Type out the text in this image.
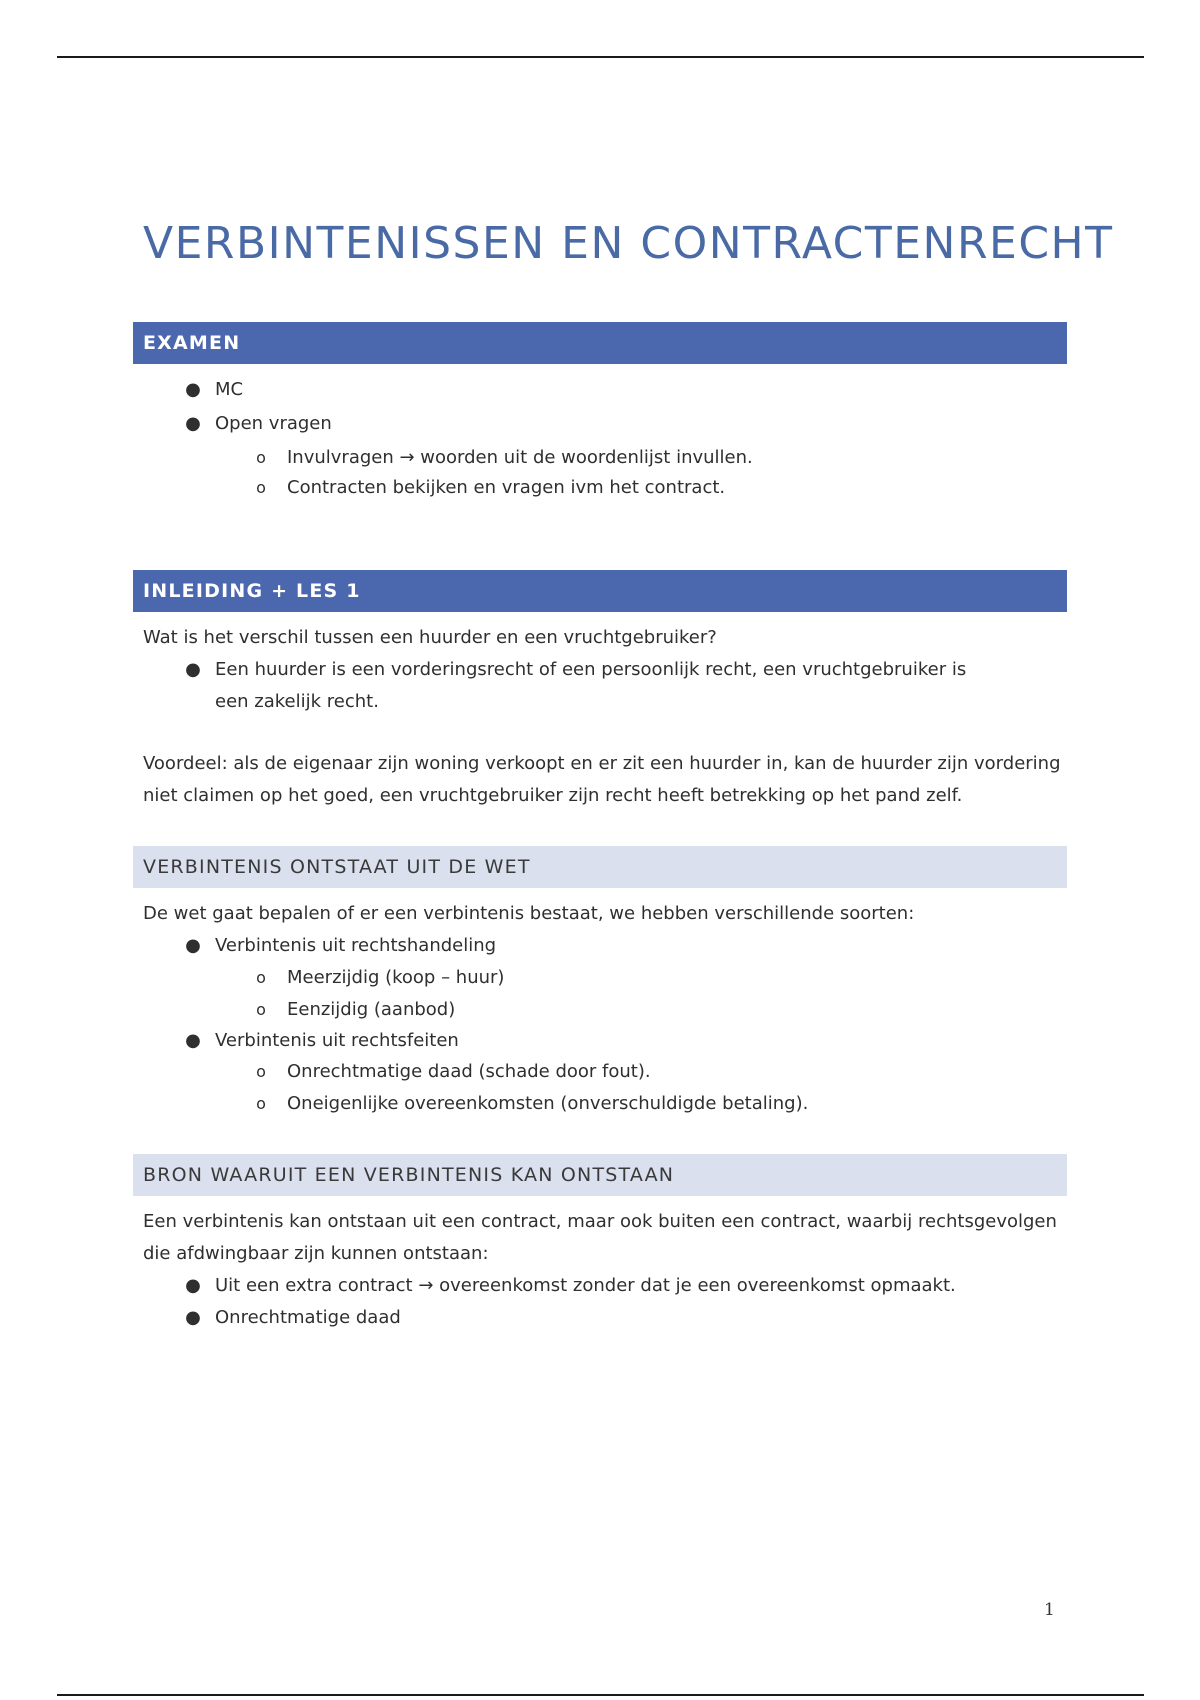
VERBINTENISSEN EN CONTRACTENRECHT
EXAMEN
● MC
● Open vragen
o Invulvragen → woorden uit de woordenlijst invullen.
o Contracten bekijken en vragen ivm het contract.
INLEIDING + LES 1
Wat is het verschil tussen een huurder en een vruchtgebruiker?
● Een huurder is een vorderingsrecht of een persoonlijk recht, een vruchtgebruiker is een zakelijk recht.
Voordeel: als de eigenaar zijn woning verkoopt en er zit een huurder in, kan de huurder zijn vordering niet claimen op het goed, een vruchtgebruiker zijn recht heeft betrekking op het pand zelf.
VERBINTENIS ONTSTAAT UIT DE WET
De wet gaat bepalen of er een verbintenis bestaat, we hebben verschillende soorten:
● Verbintenis uit rechtshandeling
o Meerzijdig (koop – huur)
o Eenzijdig (aanbod)
● Verbintenis uit rechtsfeiten
o Onrechtmatige daad (schade door fout).
o Oneigenlijke overeenkomsten (onverschuldigde betaling).
BRON WAARUIT EEN VERBINTENIS KAN ONTSTAAN
Een verbintenis kan ontstaan uit een contract, maar ook buiten een contract, waarbij rechtsgevolgen die afdwingbaar zijn kunnen ontstaan:
● Uit een extra contract → overeenkomst zonder dat je een overeenkomst opmaakt.
● Onrechtmatige daad
1
